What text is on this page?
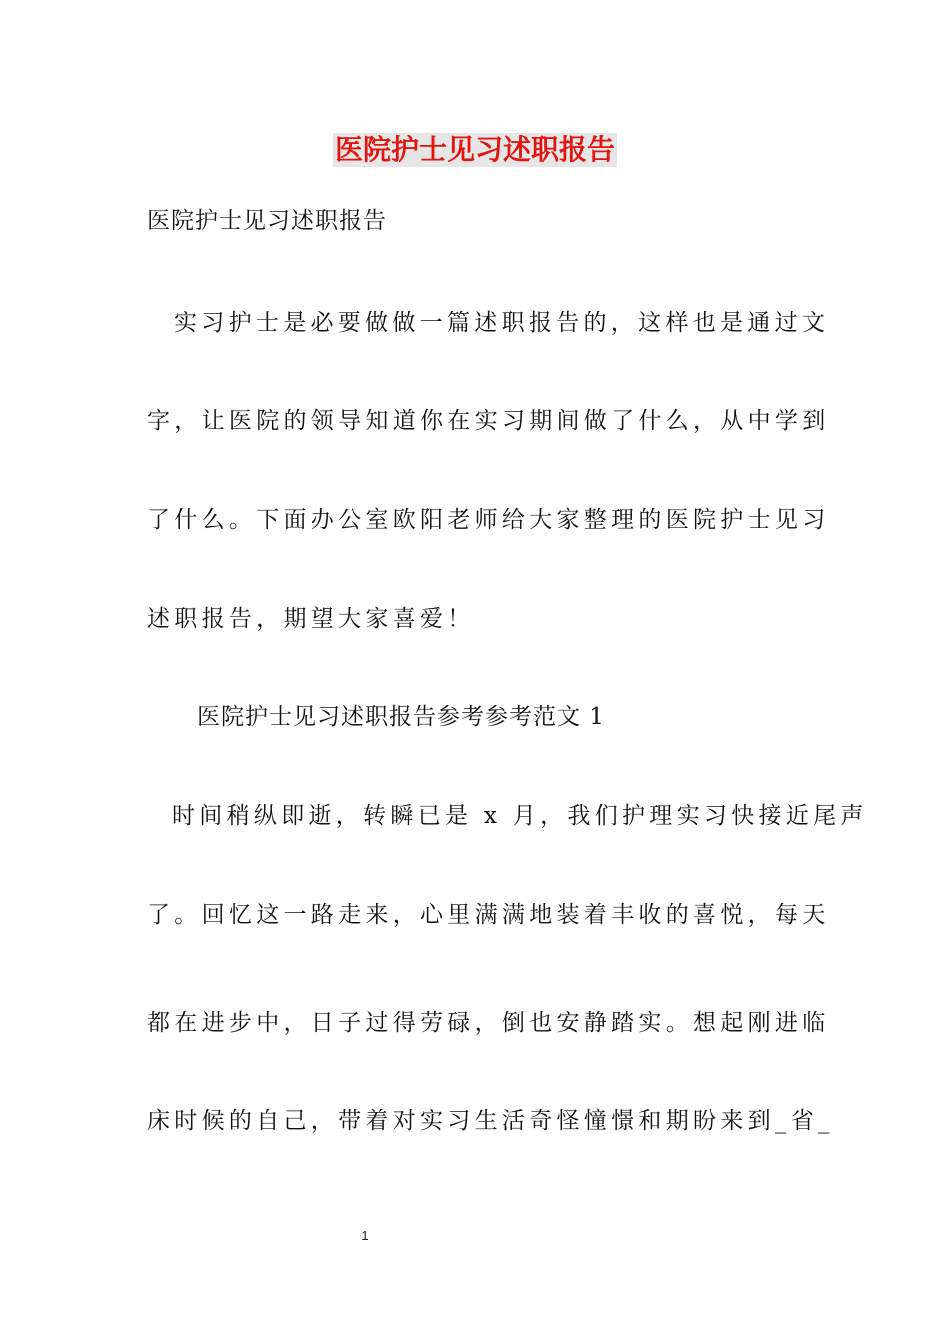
医院护士见习述职报告
医院护士见习述职报告
实习护士是必要做做一篇述职报告的，这样也是通过文
字，让医院的领导知道你在实习期间做了什么，从中学到
了什么。下面办公室欧阳老师给大家整理的医院护士见习
述职报告，期望大家喜爱！
医院护士见习述职报告参考参考范文 1
时间稍纵即逝，转瞬已是 x 月，我们护理实习快接近尾声
了。回忆这一路走来，心里满满地装着丰收的喜悦，每天
都在进步中，日子过得劳碌，倒也安静踏实。想起刚进临
床时候的自己，带着对实习生活奇怪憧憬和期盼来到_省_
1
